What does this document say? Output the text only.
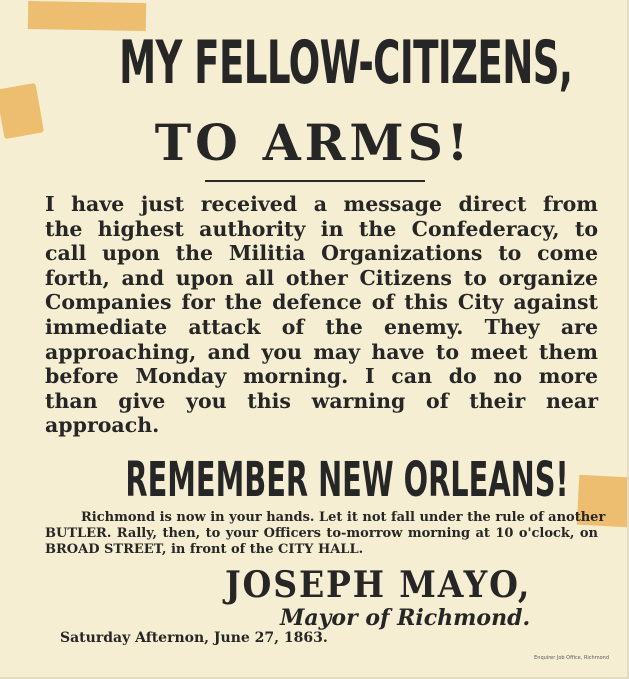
MY FELLOW-CITIZENS,
TO ARMS!
I have just received a message direct from
the highest authority in the Confederacy, to
call upon the Militia Organizations to come
forth, and upon all other Citizens to organize
Companies for the defence of this City against
immediate attack of the enemy. They are
approaching, and you may have to meet them
before Monday morning. I can do no more
than give you this warning of their near
approach.
REMEMBER NEW ORLEANS!
Richmond is now in your hands. Let it not fall under the rule of another
BUTLER. Rally, then, to your Officers to-morrow morning at 10 o'clock, on
BROAD STREET, in front of the CITY HALL.
JOSEPH MAYO,
Mayor of Richmond.
Saturday Afternon, June 27, 1863.
Enquirer Job Office, Richmond
